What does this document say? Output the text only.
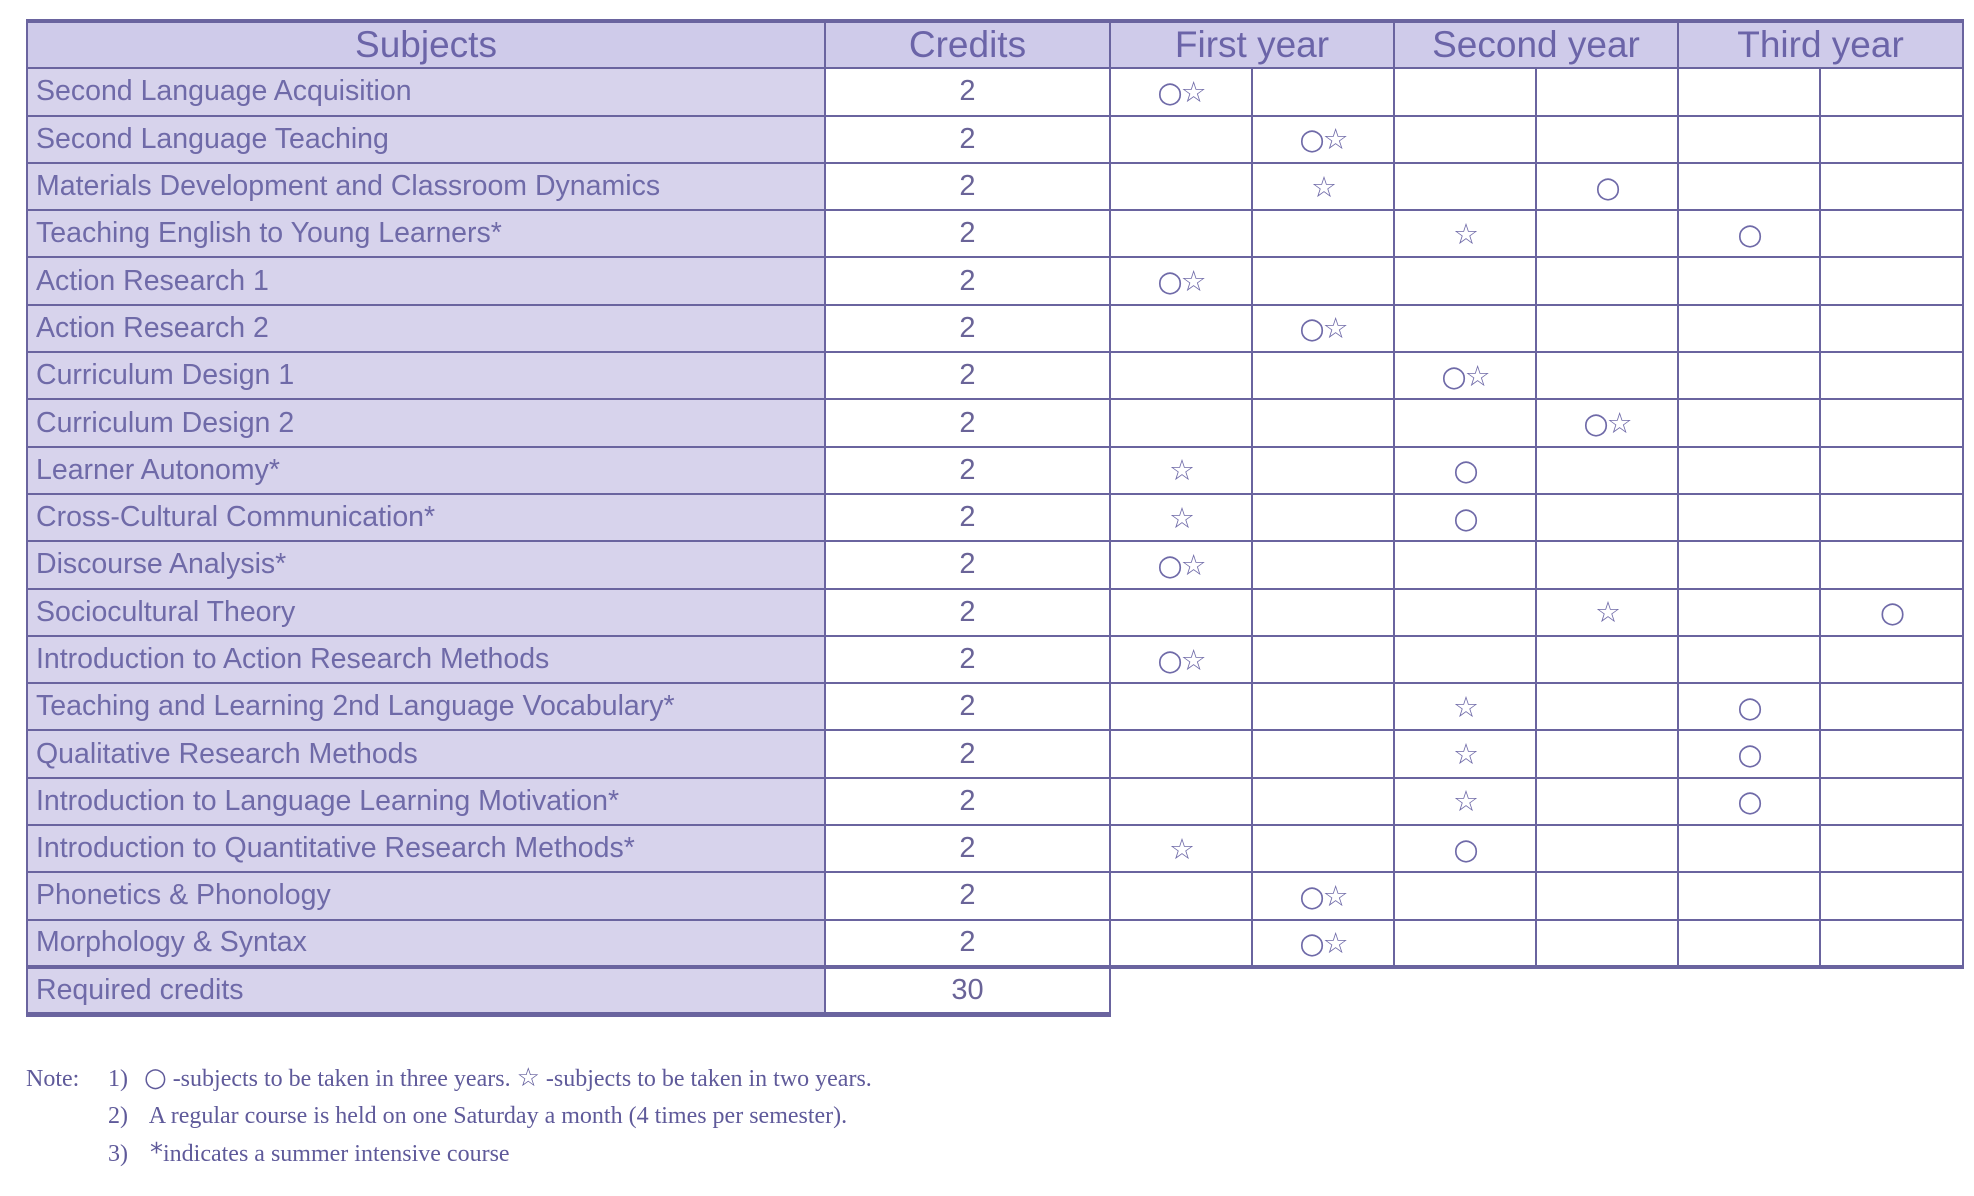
Subjects	Credits	First year		Second year		Third year	
Second Language Acquisition	2	○☆					
Second Language Teaching	2		○☆				
Materials Development and Classroom Dynamics	2		☆		○		
Teaching English to Young Learners*	2			☆		○	
Action Research 1	2	○☆					
Action Research 2	2		○☆				
Curriculum Design 1	2			○☆			
Curriculum Design 2	2				○☆		
Learner Autonomy*	2	☆		○			
Cross-Cultural Communication*	2	☆		○			
Discourse Analysis*	2	○☆					
Sociocultural Theory	2				☆		○
Introduction to Action Research Methods	2	○☆					
Teaching and Learning 2nd Language Vocabulary*	2			☆		○	
Qualitative Research Methods	2			☆		○	
Introduction to Language Learning Motivation*	2			☆		○	
Introduction to Quantitative Research Methods*	2	☆		○			
Phonetics & Phonology	2		○☆				
Morphology & Syntax	2		○☆				
Required credits	30						
Note: 1) ○ -subjects to be taken in three years. ☆ -subjects to be taken in two years.
2) A regular course is held on one Saturday a month (4 times per semester).
3) *indicates a summer intensive course
